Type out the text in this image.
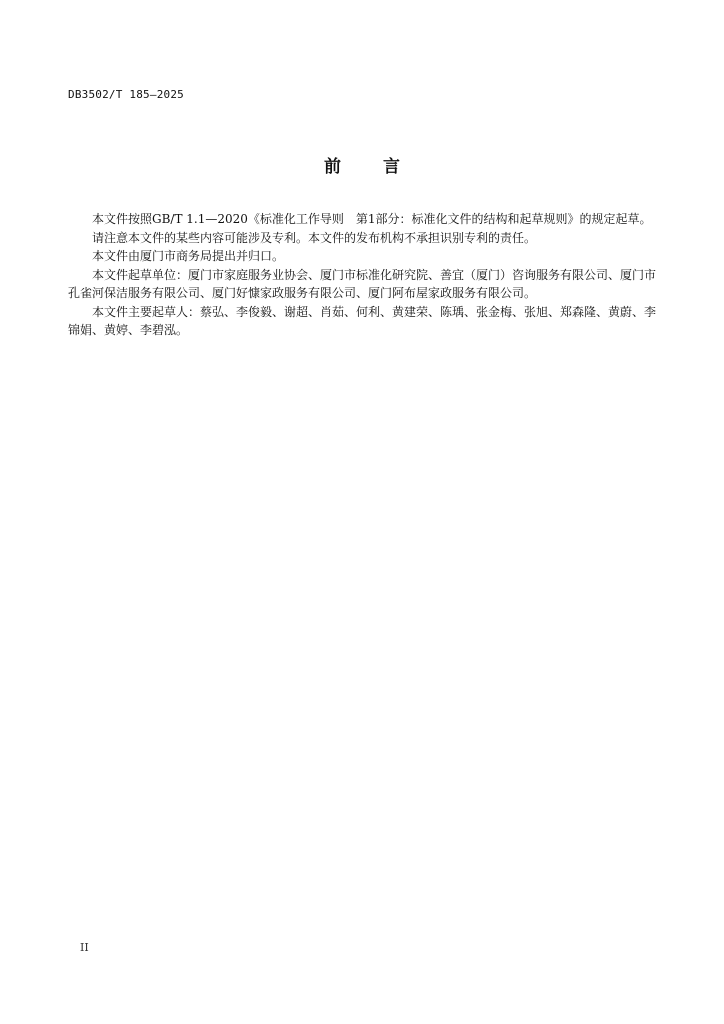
DB3502/T 185—2025
前言

本文件按照GB/T 1.1—2020《标准化工作导则　第1部分：标准化文件的结构和起草规则》的规定起草。

请注意本文件的某些内容可能涉及专利。本文件的发布机构不承担识别专利的责任。

本文件由厦门市商务局提出并归口。

本文件起草单位：厦门市家庭服务业协会、厦门市标准化研究院、善宜（厦门）咨询服务有限公司、厦门市孔雀河保洁服务有限公司、厦门好慷家政服务有限公司、厦门阿布屋家政服务有限公司。

本文件主要起草人：蔡弘、李俊毅、谢超、肖茹、何利、黄建荣、陈瑀、张金梅、张旭、郑森隆、黄蔚、李锦娟、黄婷、李碧泓。

II
